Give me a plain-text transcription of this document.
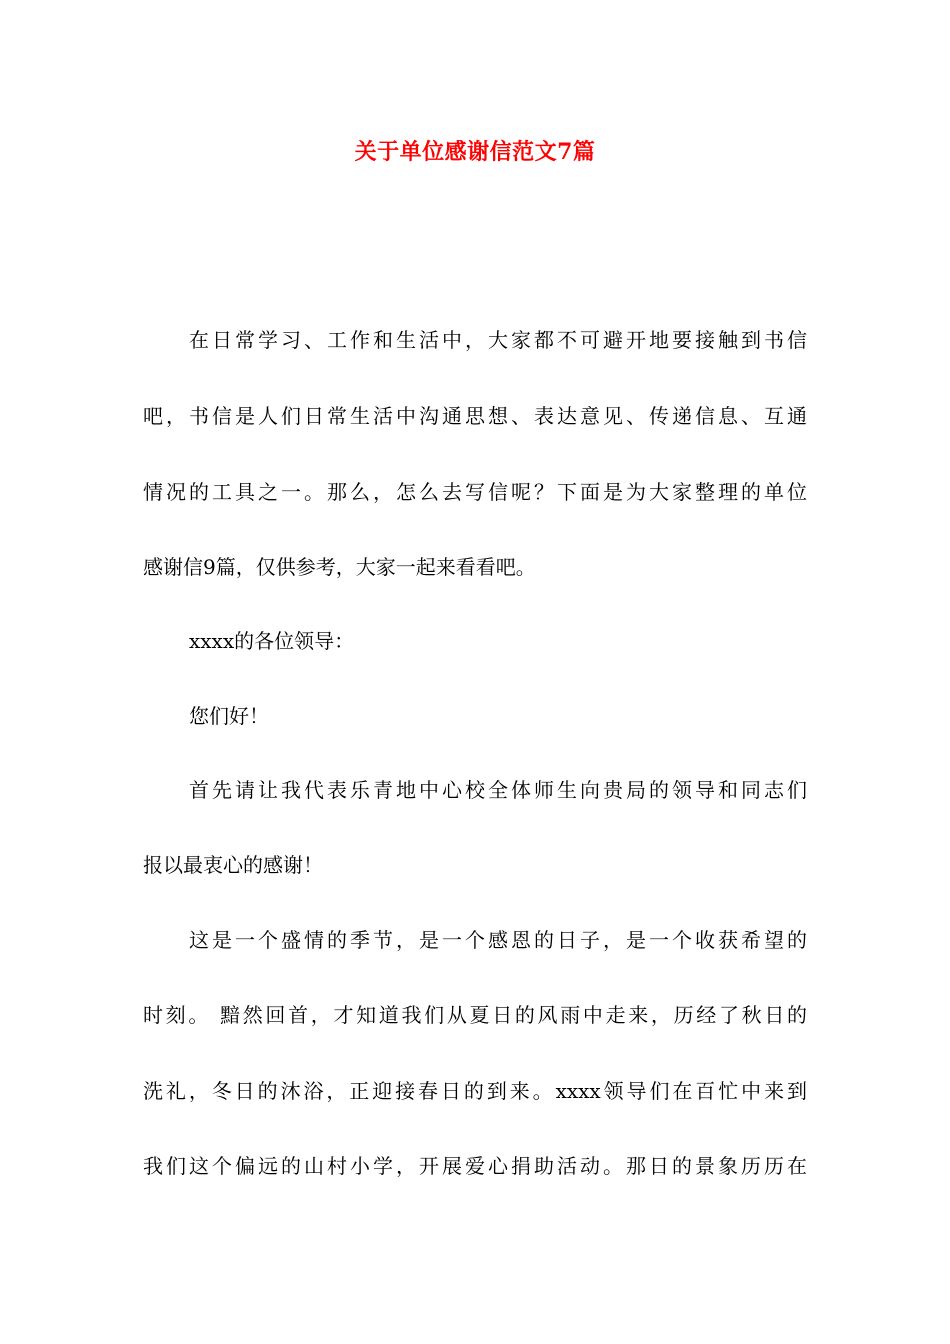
关于单位感谢信范文7篇
在日常学习、工作和生活中，大家都不可避开地要接触到书信
吧，书信是人们日常生活中沟通思想、表达意见、传递信息、互通
情况的工具之一。那么，怎么去写信呢？下面是为大家整理的单位
感谢信9篇，仅供参考，大家一起来看看吧。
xxxx的各位领导：
您们好！
首先请让我代表乐青地中心校全体师生向贵局的领导和同志们
报以最衷心的感谢！
这是一个盛情的季节，是一个感恩的日子，是一个收获希望的
时刻。 黯然回首，才知道我们从夏日的风雨中走来，历经了秋日的
洗礼，冬日的沐浴，正迎接春日的到来。xxxx领导们在百忙中来到
我们这个偏远的山村小学，开展爱心捐助活动。那日的景象历历在
